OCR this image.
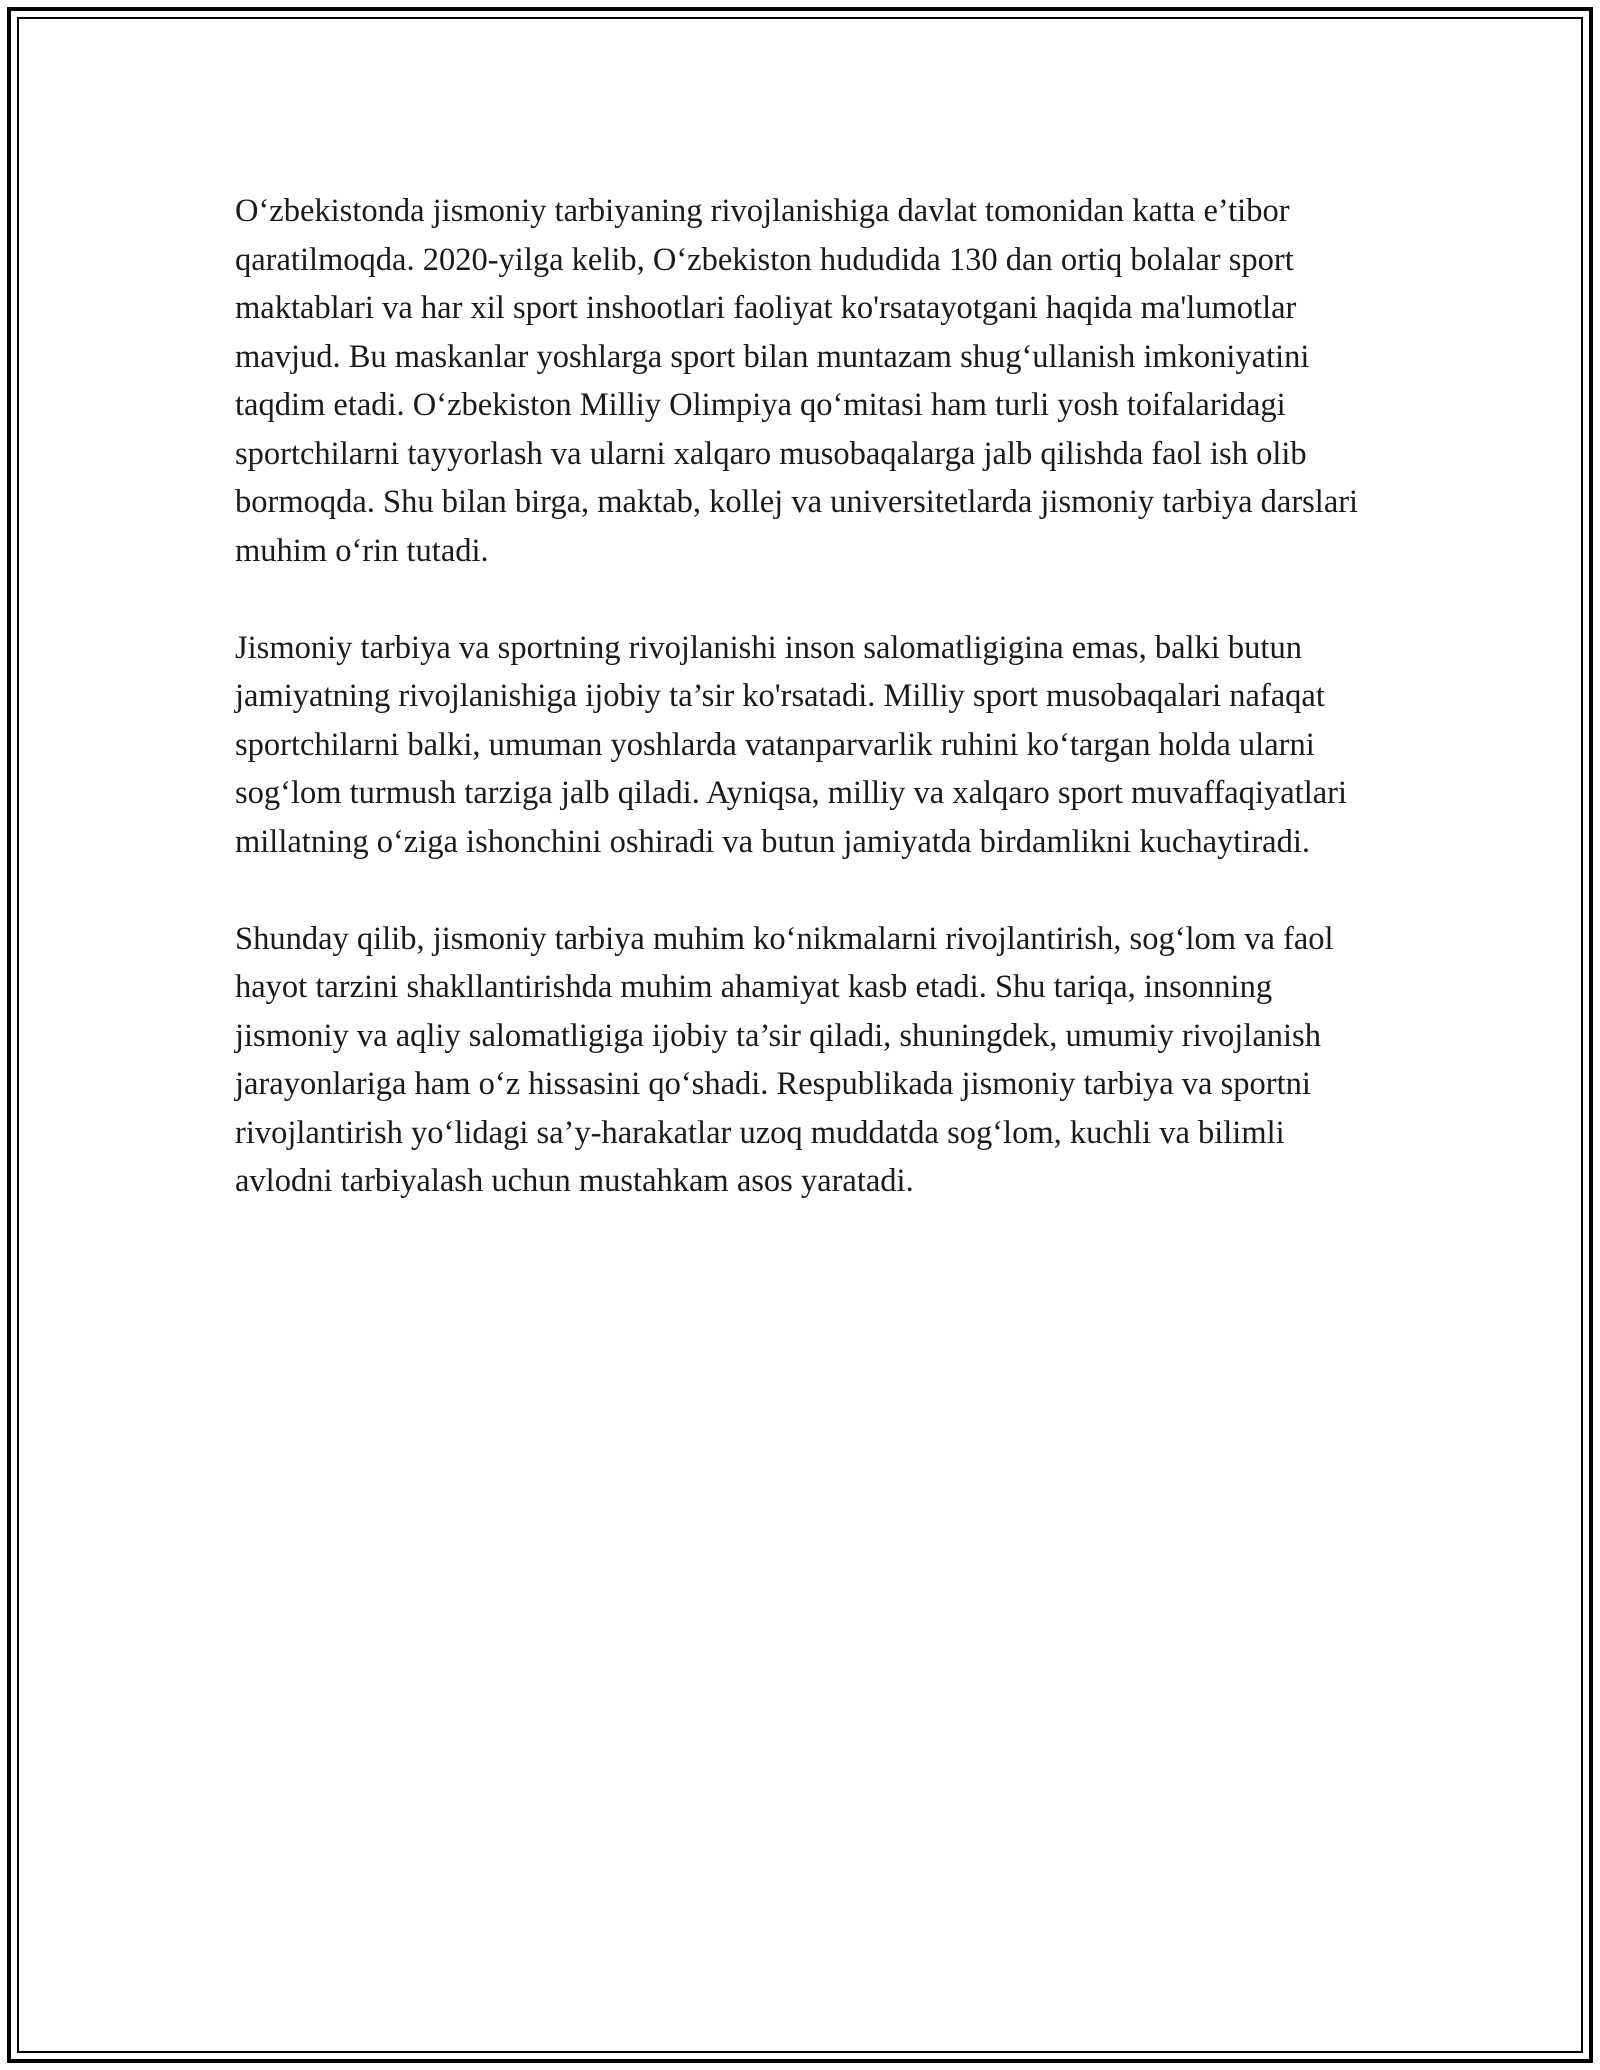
O‘zbekistonda jismoniy tarbiyaning rivojlanishiga davlat tomonidan katta e’tibor qaratilmoqda. 2020-yilga kelib, O‘zbekiston hududida 130 dan ortiq bolalar sport maktablari va har xil sport inshootlari faoliyat ko'rsatayotgani haqida ma'lumotlar mavjud. Bu maskanlar yoshlarga sport bilan muntazam shug‘ullanish imkoniyatini taqdim etadi. O‘zbekiston Milliy Olimpiya qo‘mitasi ham turli yosh toifalaridagi sportchilarni tayyorlash va ularni xalqaro musobaqalarga jalb qilishda faol ish olib bormoqda. Shu bilan birga, maktab, kollej va universitetlarda jismoniy tarbiya darslari muhim o‘rin tutadi.

Jismoniy tarbiya va sportning rivojlanishi inson salomatligigina emas, balki butun jamiyatning rivojlanishiga ijobiy ta’sir ko'rsatadi. Milliy sport musobaqalari nafaqat sportchilarni balki, umuman yoshlarda vatanparvarlik ruhini ko‘targan holda ularni sog‘lom turmush tarziga jalb qiladi. Ayniqsa, milliy va xalqaro sport muvaffaqiyatlari millatning o‘ziga ishonchini oshiradi va butun jamiyatda birdamlikni kuchaytiradi.

Shunday qilib, jismoniy tarbiya muhim ko‘nikmalarni rivojlantirish, sog‘lom va faol hayot tarzini shakllantirishda muhim ahamiyat kasb etadi. Shu tariqa, insonning jismoniy va aqliy salomatligiga ijobiy ta’sir qiladi, shuningdek, umumiy rivojlanish jarayonlariga ham o‘z hissasini qo‘shadi. Respublikada jismoniy tarbiya va sportni rivojlantirish yo‘lidagi sa’y-harakatlar uzoq muddatda sog‘lom, kuchli va bilimli avlodni tarbiyalash uchun mustahkam asos yaratadi.
